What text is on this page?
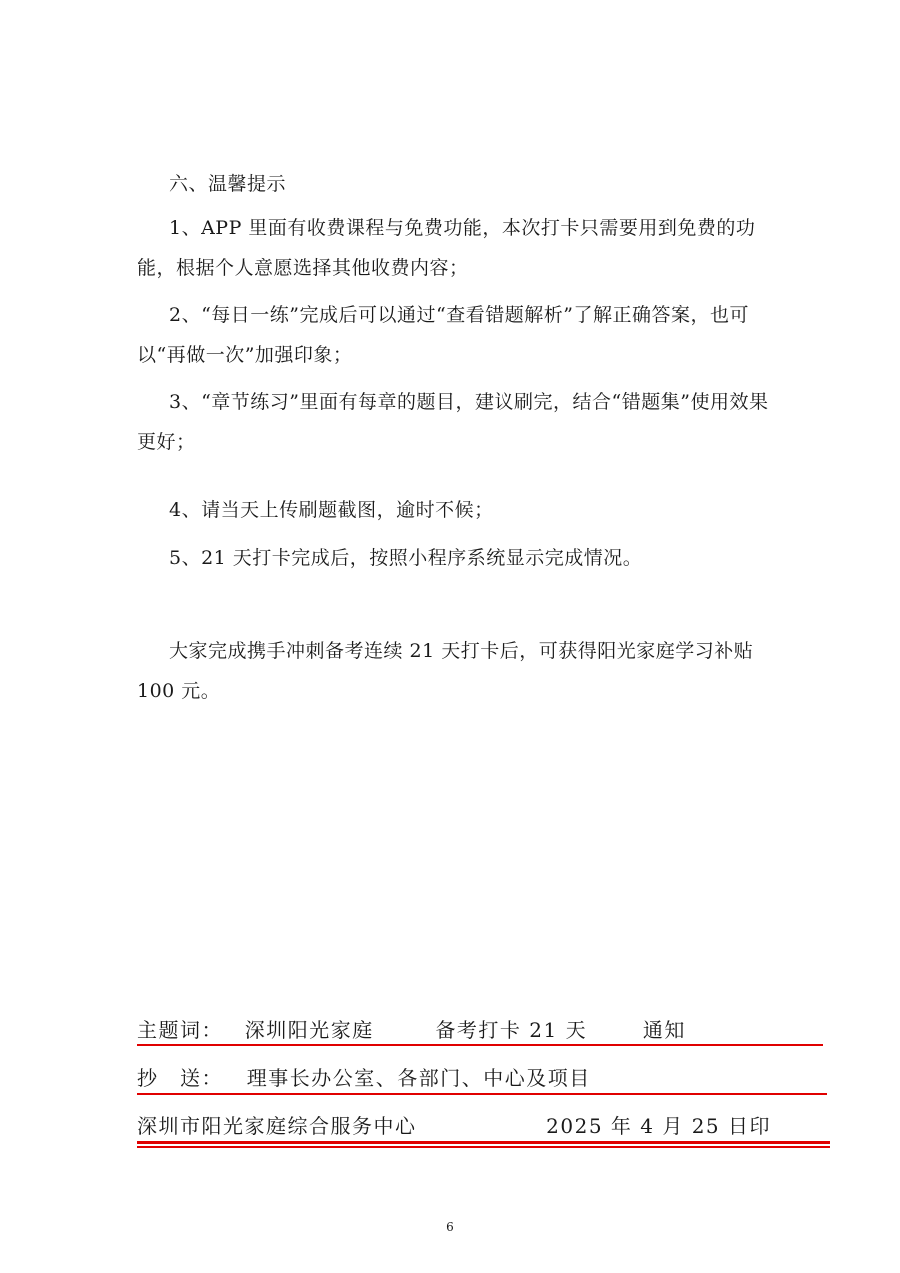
六、温馨提示

1、APP 里面有收费课程与免费功能，本次打卡只需要用到免费的功能，根据个人意愿选择其他收费内容；

2、“每日一练”完成后可以通过“查看错题解析”了解正确答案，也可以“再做一次”加强印象；

3、“章节练习”里面有每章的题目，建议刷完，结合“错题集”使用效果更好；

4、请当天上传刷题截图，逾时不候；

5、21 天打卡完成后，按照小程序系统显示完成情况。

大家完成携手冲刺备考连续 21 天打卡后，可获得阳光家庭学习补贴 100 元。

主题词： 深圳阳光家庭	备考打卡 21 天	通知
抄　送： 理事长办公室、各部门、中心及项目
深圳市阳光家庭综合服务中心	2025 年 4 月 25 日印
6
